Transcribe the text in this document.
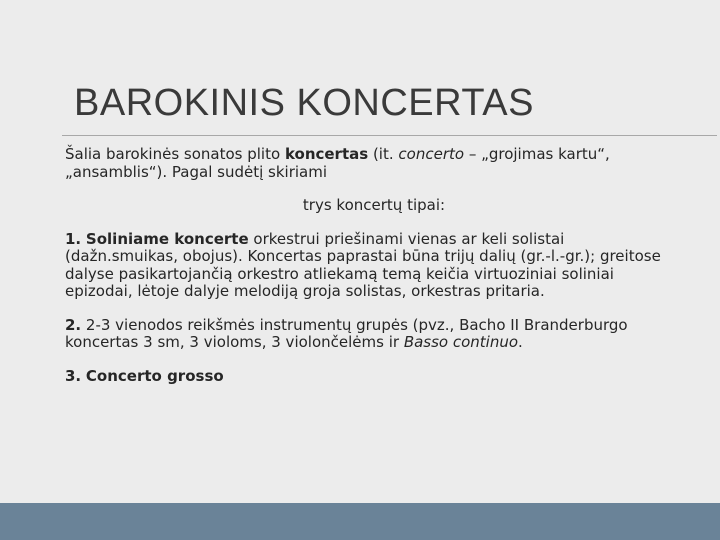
BAROKINIS KONCERTAS

Šalia barokinės sonatos plito koncertas (it. concerto – „grojimas kartu“, „ansamblis“). Pagal sudėtį skiriami

trys koncertų tipai:

1. Soliniame koncerte orkestrui priešinami vienas ar keli solistai (dažn.smuikas, obojus). Koncertas paprastai būna trijų dalių (gr.-l.-gr.); greitose dalyse pasikartojančią orkestro atliekamą temą keičia virtuoziniai soliniai epizodai, lėtoje dalyje melodiją groja solistas, orkestras pritaria.

2. 2-3 vienodos reikšmės instrumentų grupės (pvz., Bacho II Branderburgo koncertas 3 sm, 3 violoms, 3 violončelėms ir Basso continuo.

3. Concerto grosso
